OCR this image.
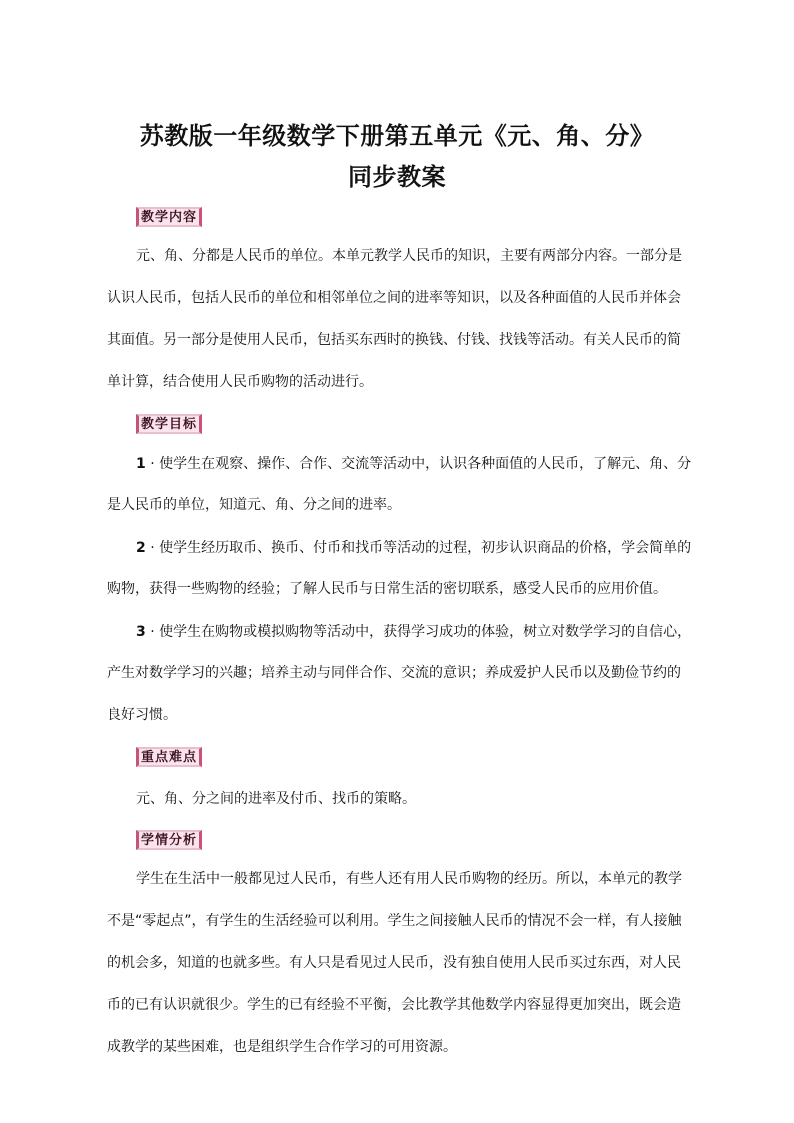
苏教版一年级数学下册第五单元《元、角、分》
同步教案
教学内容
元、角、分都是人民币的单位。本单元教学人民币的知识，主要有两部分内容。一部分是
认识人民币，包括人民币的单位和相邻单位之间的进率等知识，以及各种面值的人民币并体会
其面值。另一部分是使用人民币，包括买东西时的换钱、付钱、找钱等活动。有关人民币的简
单计算，结合使用人民币购物的活动进行。
教学目标
1 · 使学生在观察、操作、合作、交流等活动中，认识各种面值的人民币，了解元、角、分
是人民币的单位，知道元、角、分之间的进率。
2 · 使学生经历取币、换币、付币和找币等活动的过程，初步认识商品的价格，学会简单的
购物，获得一些购物的经验；了解人民币与日常生活的密切联系，感受人民币的应用价值。
3 · 使学生在购物或模拟购物等活动中，获得学习成功的体验，树立对数学学习的自信心，
产生对数学学习的兴趣；培养主动与同伴合作、交流的意识；养成爱护人民币以及勤俭节约的
良好习惯。
重点难点
元、角、分之间的进率及付币、找币的策略。
学情分析
学生在生活中一般都见过人民币，有些人还有用人民币购物的经历。所以，本单元的教学
不是“零起点”，有学生的生活经验可以利用。学生之间接触人民币的情况不会一样，有人接触
的机会多，知道的也就多些。有人只是看见过人民币，没有独自使用人民币买过东西，对人民
币的已有认识就很少。学生的已有经验不平衡，会比教学其他数学内容显得更加突出，既会造
成教学的某些困难，也是组织学生合作学习的可用资源。
